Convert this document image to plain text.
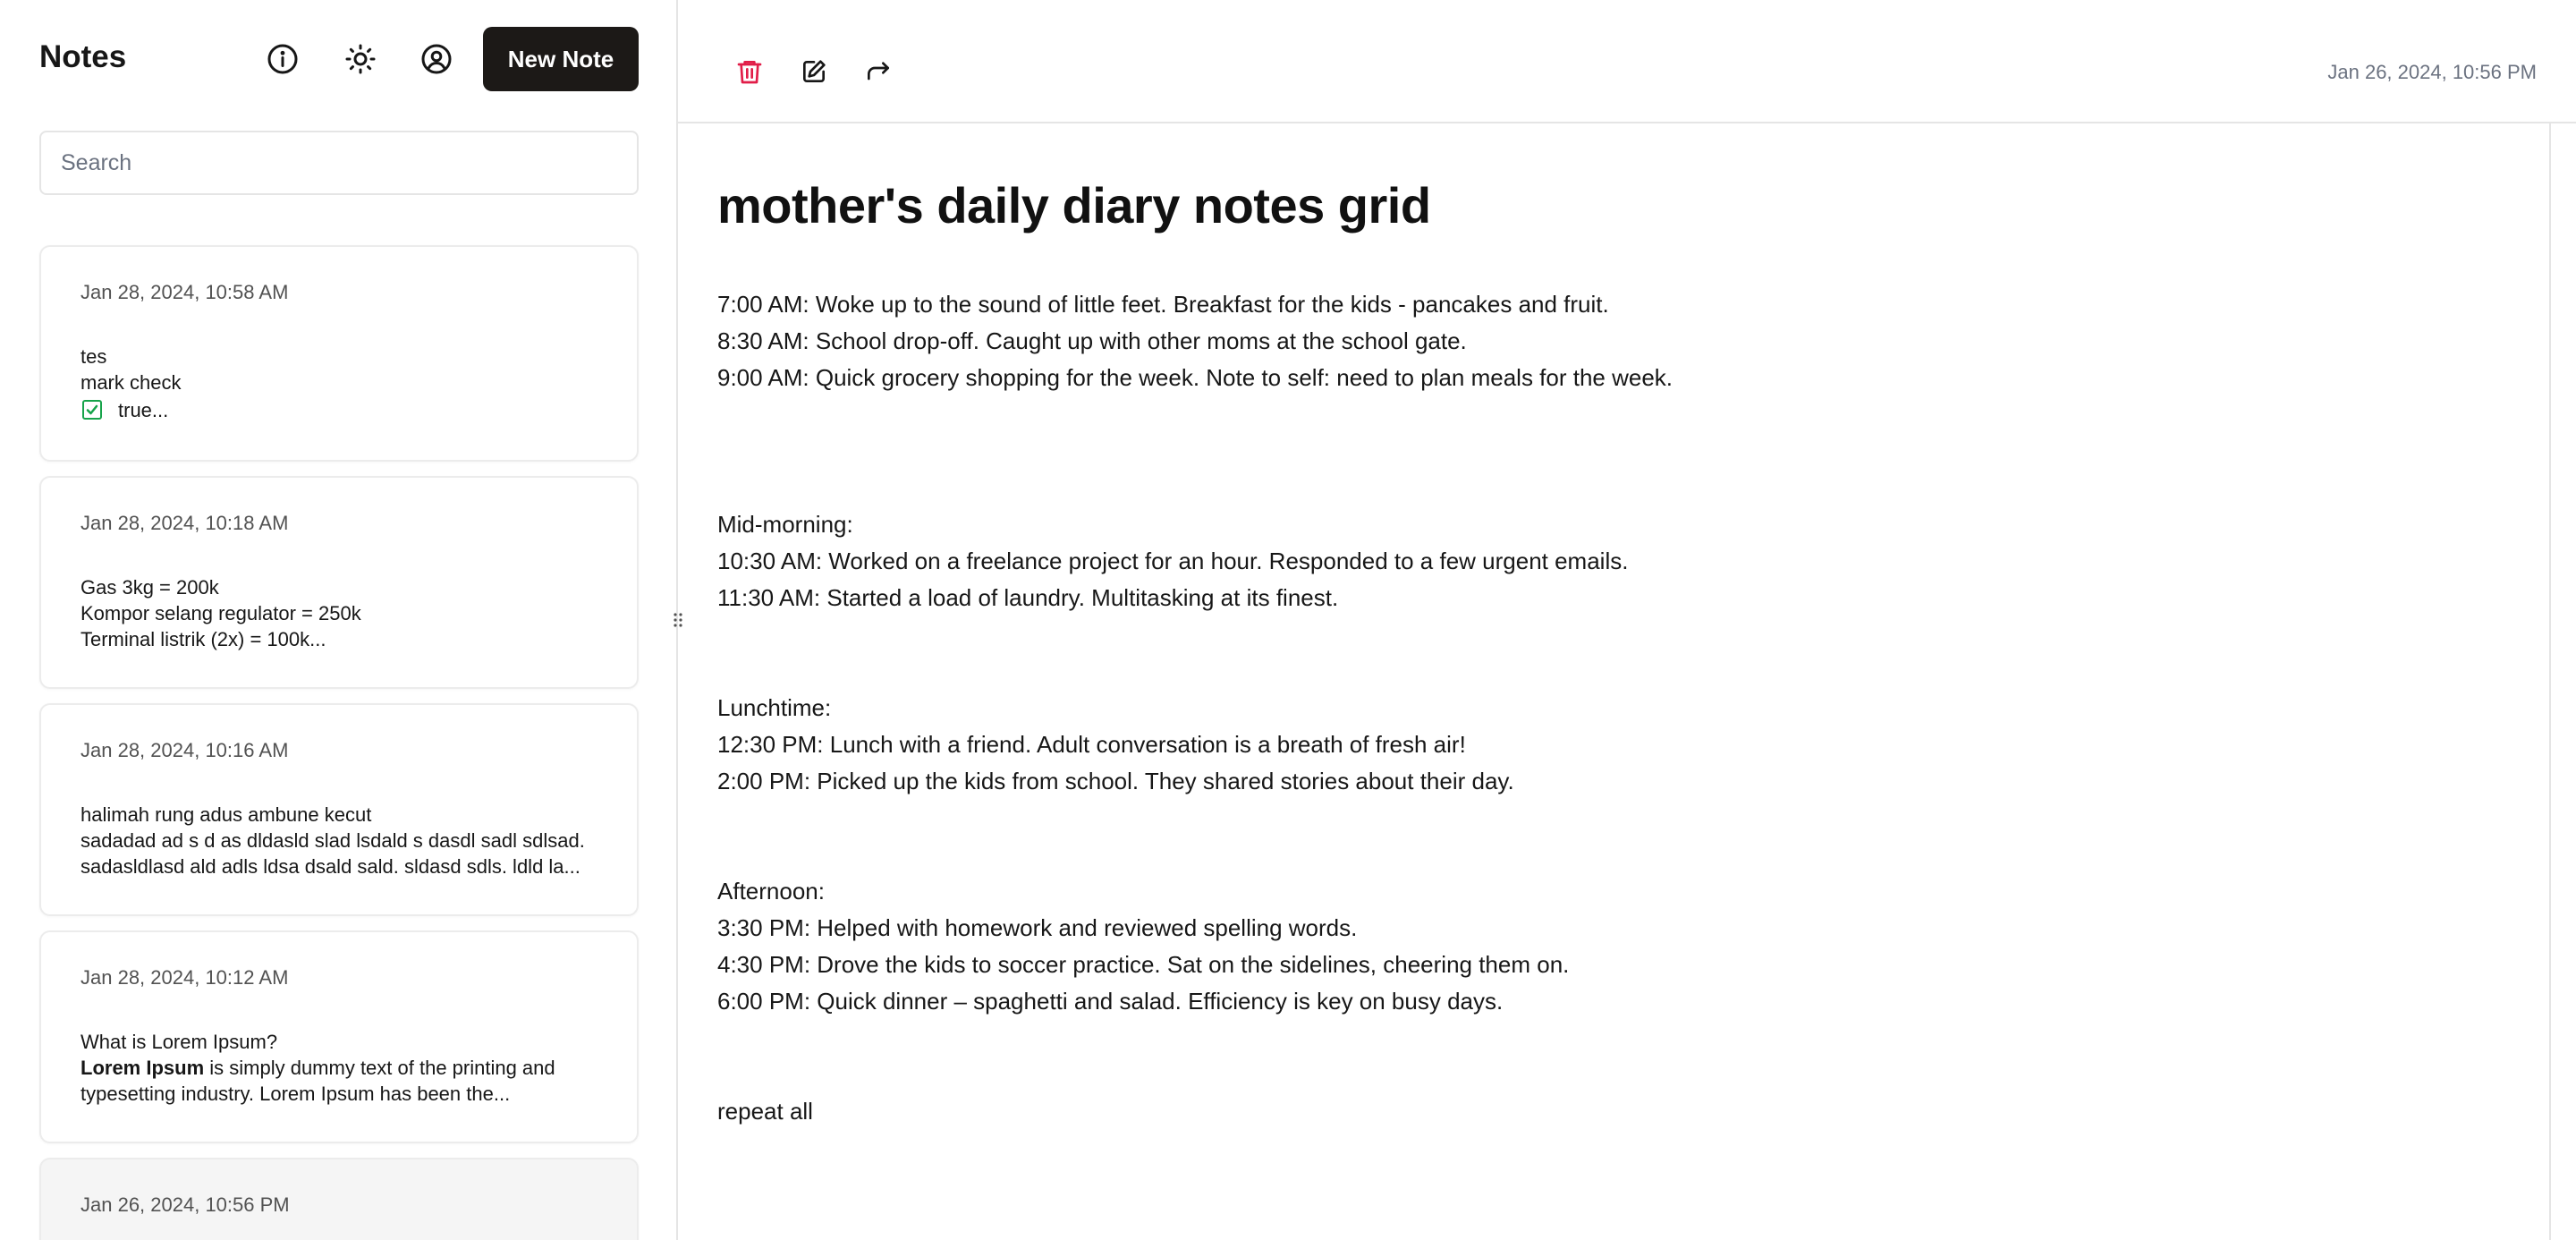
Notes	New Note
Search
Jan 28, 2024, 10:58 AM
tes
mark check
true...
Jan 28, 2024, 10:18 AM
Gas 3kg = 200k
Kompor selang regulator = 250k
Terminal listrik (2x) = 100k...
Jan 28, 2024, 10:16 AM
halimah rung adus ambune kecut
sadadad ad s d as dldasld slad lsdald s dasdl sadl sdlsad.
sadasldlasd ald adls ldsa dsald sald. sldasd sdls. ldld la...
Jan 28, 2024, 10:12 AM
What is Lorem Ipsum?
Lorem Ipsum is simply dummy text of the printing and
typesetting industry. Lorem Ipsum has been the...
Jan 26, 2024, 10:56 PM
Jan 26, 2024, 10:56 PM
mother's daily diary notes grid
7:00 AM: Woke up to the sound of little feet. Breakfast for the kids - pancakes and fruit.
8:30 AM: School drop-off. Caught up with other moms at the school gate.
9:00 AM: Quick grocery shopping for the week. Note to self: need to plan meals for the week.
Mid-morning:
10:30 AM: Worked on a freelance project for an hour. Responded to a few urgent emails.
11:30 AM: Started a load of laundry. Multitasking at its finest.
Lunchtime:
12:30 PM: Lunch with a friend. Adult conversation is a breath of fresh air!
2:00 PM: Picked up the kids from school. They shared stories about their day.
Afternoon:
3:30 PM: Helped with homework and reviewed spelling words.
4:30 PM: Drove the kids to soccer practice. Sat on the sidelines, cheering them on.
6:00 PM: Quick dinner – spaghetti and salad. Efficiency is key on busy days.
repeat all
